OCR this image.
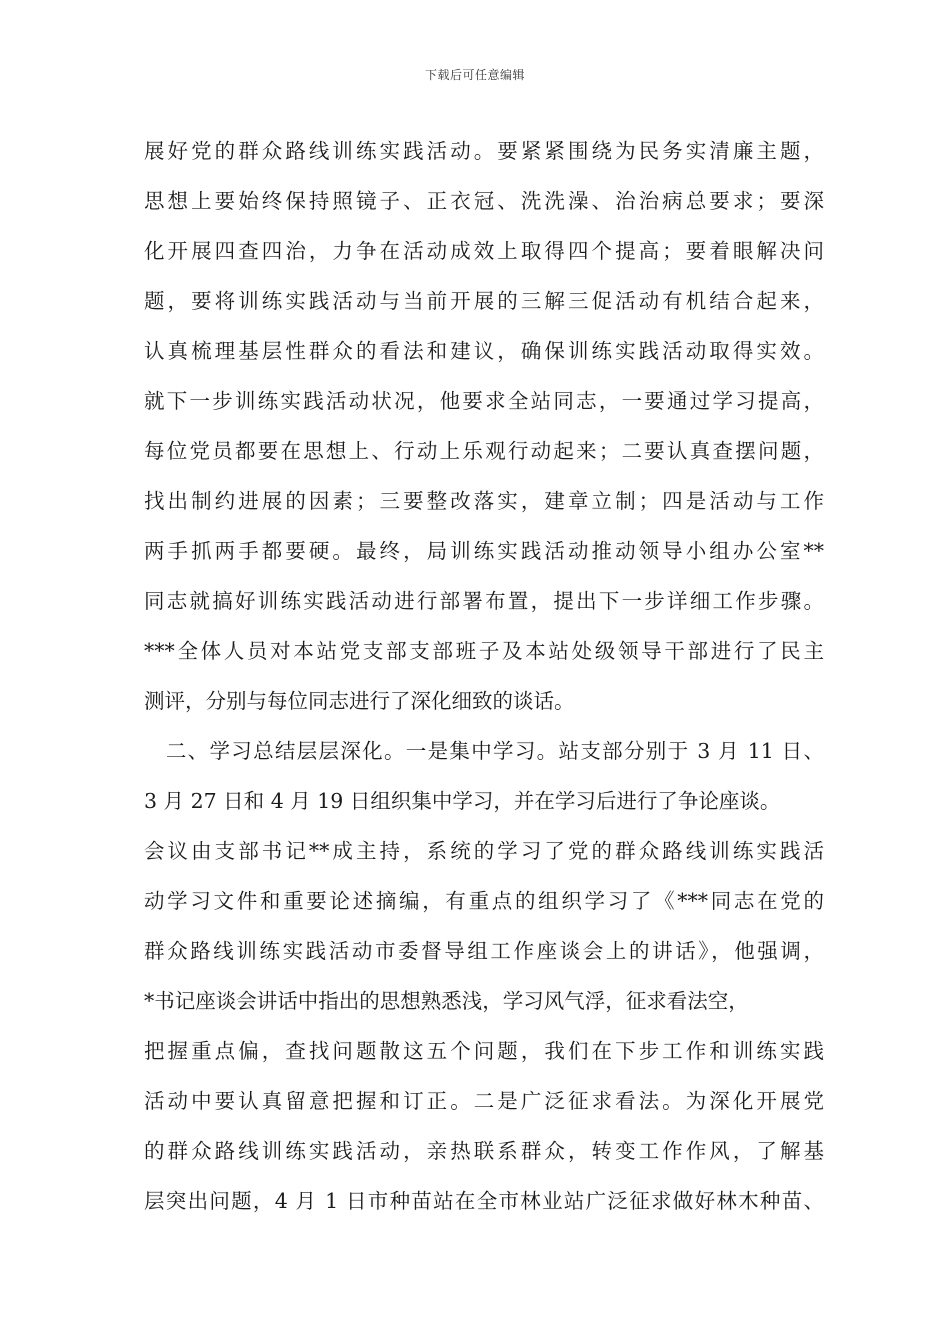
下载后可任意编辑
展好党的群众路线训练实践活动。要紧紧围绕为民务实清廉主题，
思想上要始终保持照镜子、正衣冠、洗洗澡、治治病总要求；要深
化开展四查四治，力争在活动成效上取得四个提高；要着眼解决问
题，要将训练实践活动与当前开展的三解三促活动有机结合起来，
认真梳理基层性群众的看法和建议，确保训练实践活动取得实效。
就下一步训练实践活动状况，他要求全站同志，一要通过学习提高，
每位党员都要在思想上、行动上乐观行动起来；二要认真查摆问题，
找出制约进展的因素；三要整改落实，建章立制；四是活动与工作
两手抓两手都要硬。最终，局训练实践活动推动领导小组办公室**
同志就搞好训练实践活动进行部署布置，提出下一步详细工作步骤。
***全体人员对本站党支部支部班子及本站处级领导干部进行了民主
测评，分别与每位同志进行了深化细致的谈话。
　二、学习总结层层深化。一是集中学习。站支部分别于 3 月 11 日、
3 月 27 日和 4 月 19 日组织集中学习，并在学习后进行了争论座谈。
会议由支部书记**成主持，系统的学习了党的群众路线训练实践活
动学习文件和重要论述摘编，有重点的组织学习了《***同志在党的
群众路线训练实践活动市委督导组工作座谈会上的讲话》，他强调，
*书记座谈会讲话中指出的思想熟悉浅，学习风气浮，征求看法空，
把握重点偏，查找问题散这五个问题，我们在下步工作和训练实践
活动中要认真留意把握和订正。二是广泛征求看法。为深化开展党
的群众路线训练实践活动，亲热联系群众，转变工作作风，了解基
层突出问题，4 月 1 日市种苗站在全市林业站广泛征求做好林木种苗、
